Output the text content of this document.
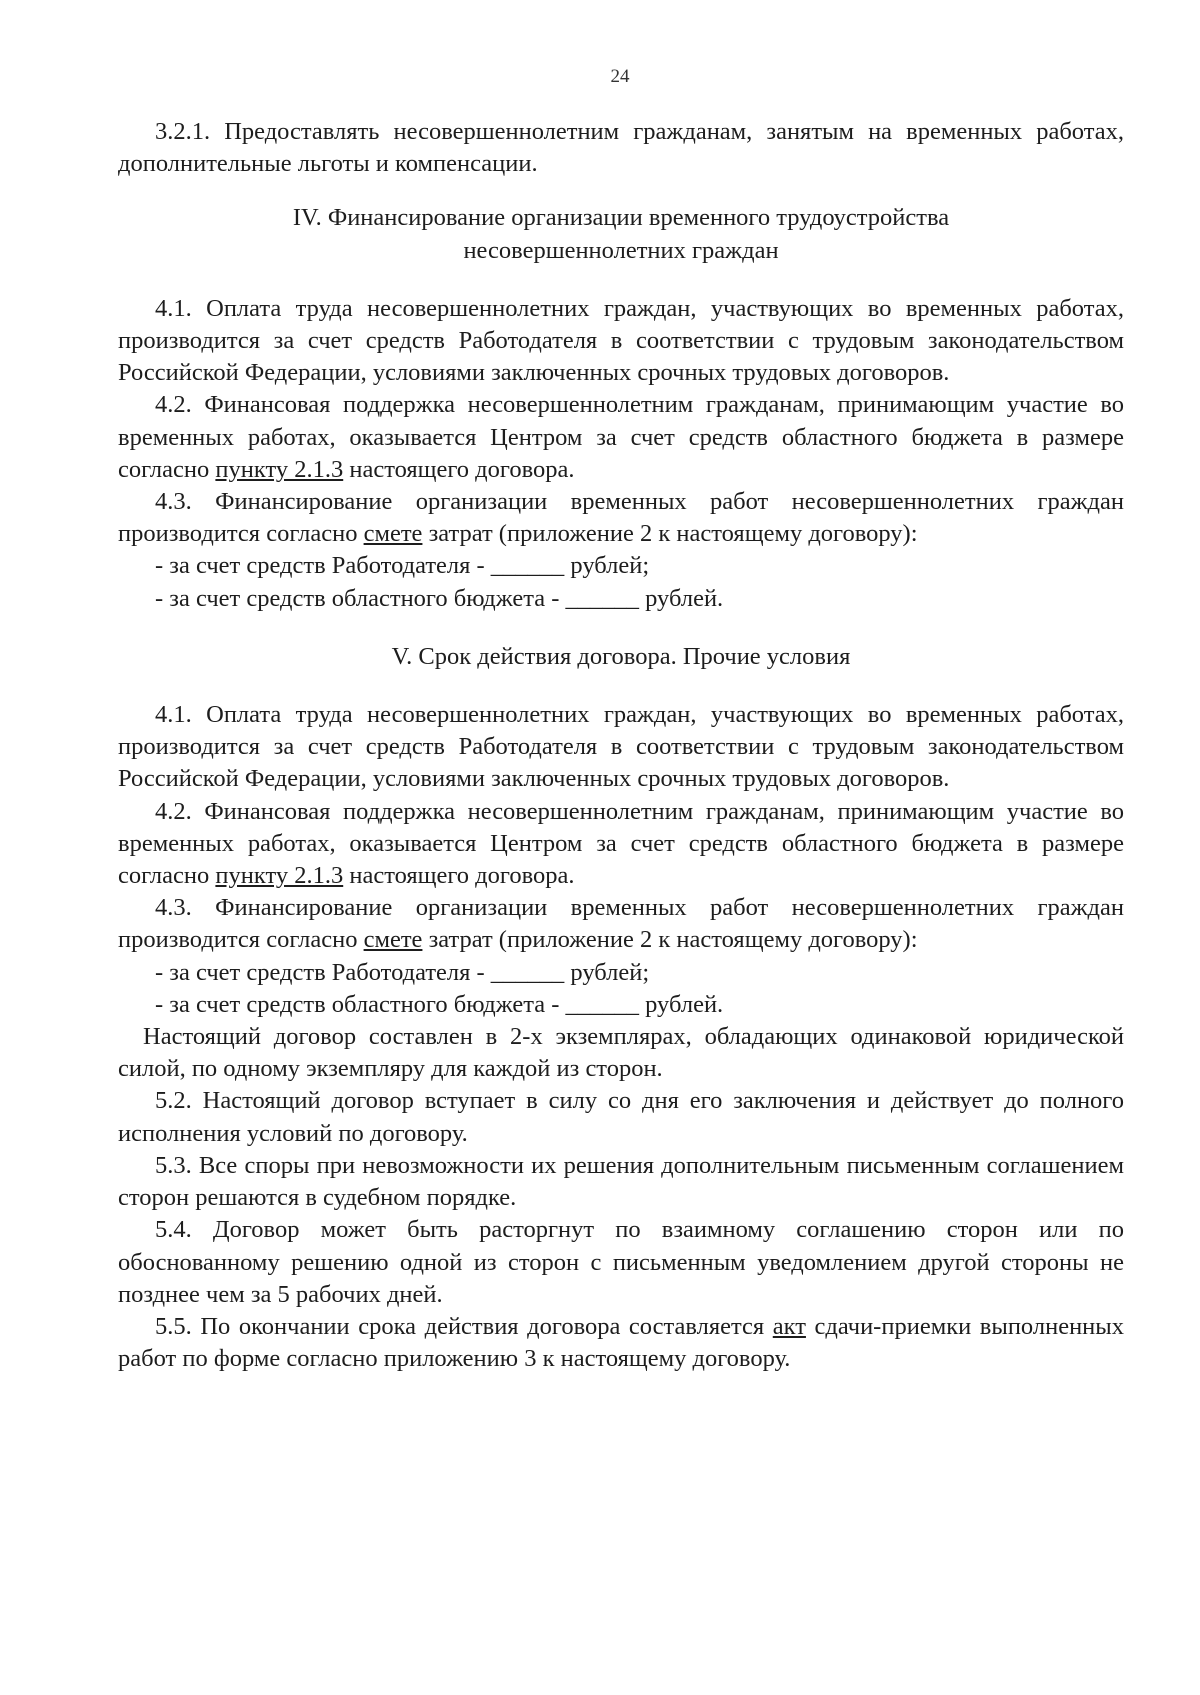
24

3.2.1. Предоставлять несовершеннолетним гражданам, занятым на временных работах, дополнительные льготы и компенсации.

IV. Финансирование организации временного трудоустройства
несовершеннолетних граждан

4.1. Оплата труда несовершеннолетних граждан, участвующих во временных работах, производится за счет средств Работодателя в соответствии с трудовым законодательством Российской Федерации, условиями заключенных срочных трудовых договоров.

4.2. Финансовая поддержка несовершеннолетним гражданам, принимающим участие во временных работах, оказывается Центром за счет средств областного бюджета в размере согласно пункту 2.1.3 настоящего договора.

4.3. Финансирование организации временных работ несовершеннолетних граждан производится согласно смете затрат (приложение 2 к настоящему договору):

- за счет средств Работодателя - ______ рублей;

- за счет средств областного бюджета - ______ рублей.

V. Срок действия договора. Прочие условия

4.1. Оплата труда несовершеннолетних граждан, участвующих во временных работах, производится за счет средств Работодателя в соответствии с трудовым законодательством Российской Федерации, условиями заключенных срочных трудовых договоров.

4.2. Финансовая поддержка несовершеннолетним гражданам, принимающим участие во временных работах, оказывается Центром за счет средств областного бюджета в размере согласно пункту 2.1.3 настоящего договора.

4.3. Финансирование организации временных работ несовершеннолетних граждан производится согласно смете затрат (приложение 2 к настоящему договору):

- за счет средств Работодателя - ______ рублей;

- за счет средств областного бюджета - ______ рублей.

Настоящий договор составлен в 2-х экземплярах, обладающих одинаковой юридической силой, по одному экземпляру для каждой из сторон.

5.2. Настоящий договор вступает в силу со дня его заключения и действует до полного исполнения условий по договору.

5.3. Все споры при невозможности их решения дополнительным письменным соглашением сторон решаются в судебном порядке.

5.4. Договор может быть расторгнут по взаимному соглашению сторон или по обоснованному решению одной из сторон с письменным уведомлением другой стороны не позднее чем за 5 рабочих дней.

5.5. По окончании срока действия договора составляется акт сдачи-приемки выполненных работ по форме согласно приложению 3 к настоящему договору.
